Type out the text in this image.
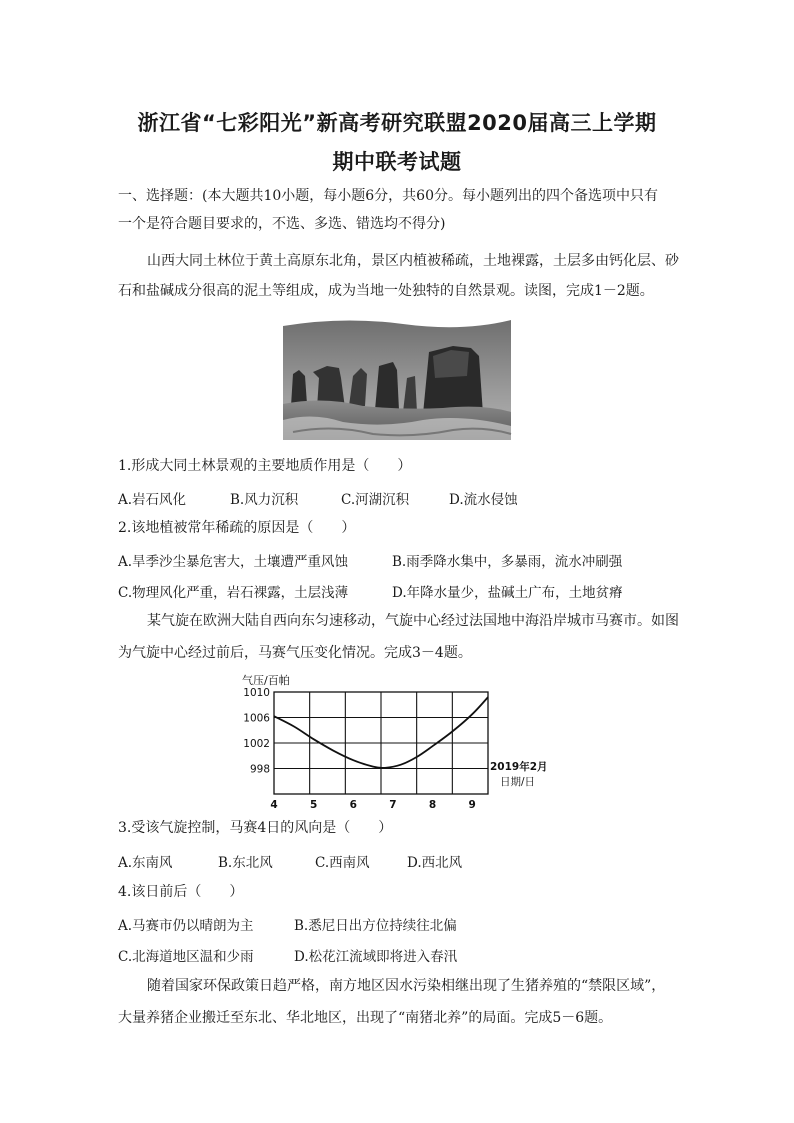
浙江省“七彩阳光”新高考研究联盟2020届高三上学期
期中联考试题
一、选择题：(本大题共10小题，每小题6分，共60分。每小题列出的四个备选项中只有
一个是符合题目要求的，不选、多选、错选均不得分)
山西大同土林位于黄土高原东北角，景区内植被稀疏，土地裸露，土层多由钙化层、砂
石和盐碱成分很高的泥土等组成，成为当地一处独特的自然景观。读图，完成1－2题。
1.形成大同土林景观的主要地质作用是（　　）
A.岩石风化	B.风力沉积	C.河湖沉积	D.流水侵蚀
2.该地植被常年稀疏的原因是（　　）
A.旱季沙尘暴危害大，土壤遭严重风蚀	B.雨季降水集中，多暴雨，流水冲刷强
C.物理风化严重，岩石裸露，土层浅薄	D.年降水量少，盐碱土广布，土地贫瘠
某气旋在欧洲大陆自西向东匀速移动，气旋中心经过法国地中海沿岸城市马赛市。如图
为气旋中心经过前后，马赛气压变化情况。完成3－4题。
1010
1006
1002
998
4	5	6	7	8	9
气压/百帕
2019年2月
日期/日
3.受该气旋控制，马赛4日的风向是（　　）
A.东南风	B.东北风	C.西南风	D.西北风
4.该日前后（　　）
A.马赛市仍以晴朗为主	B.悉尼日出方位持续往北偏
C.北海道地区温和少雨	D.松花江流域即将进入春汛
随着国家环保政策日趋严格，南方地区因水污染相继出现了生猪养殖的“禁限区域”，
大量养猪企业搬迁至东北、华北地区，出现了“南猪北养”的局面。完成5－6题。
